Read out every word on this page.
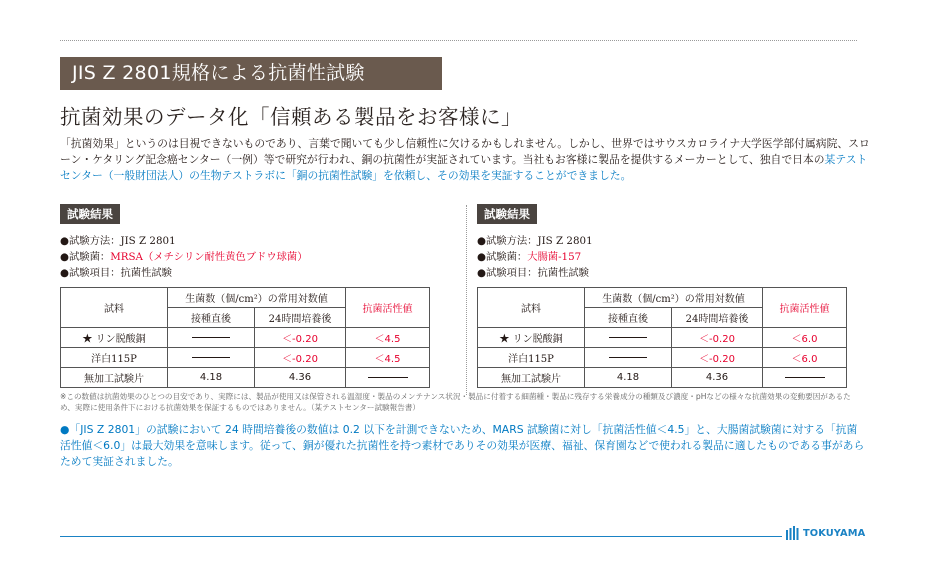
JIS Z 2801規格による抗菌性試験
抗菌効果のデータ化「信頼ある製品をお客様に」
「抗菌効果」というのは目視できないものであり、言葉で聞いても少し信頼性に欠けるかもしれません。しかし、世界ではサウスカロライナ大学医学部付属病院、スローン・ケタリング記念癌センター（一例）等で研究が行われ、銅の抗菌性が実証されています。当社もお客様に製品を提供するメーカーとして、独自で日本の某テストセンター（一般財団法人）の生物テストラボに「銅の抗菌性試験」を依頼し、その効果を実証することができました。
試験結果
●試験方法：JIS Z 2801
●試験菌：MRSA（メチシリン耐性黄色ブドウ球菌）
●試験項目：抗菌性試験
試料	生菌数（個/cm²）の常用対数値		抗菌活性値
	接種直後	24時間培養後	
★ リン脱酸銅		＜-0.20	＜4.5
洋白115P		＜-0.20	＜4.5
無加工試験片	4.18	4.36	
試験結果
●試験方法：JIS Z 2801
●試験菌：大腸菌-157
●試験項目：抗菌性試験
試料	生菌数（個/cm²）の常用対数値		抗菌活性値
	接種直後	24時間培養後	
★ リン脱酸銅		＜-0.20	＜6.0
洋白115P		＜-0.20	＜6.0
無加工試験片	4.18	4.36	
※この数値は抗菌効果のひとつの目安であり、実際には、製品が使用又は保管される温湿度・製品のメンテナンス状況・製品に付着する細菌種・製品に残存する栄養成分の種類及び濃度・pHなどの様々な抗菌効果の変動要因があるため、実際に使用条件下における抗菌効果を保証するものではありません。（某テストセンター試験報告書）
●「JIS Z 2801」の試験において 24 時間培養後の数値は 0.2 以下を計測できないため、MARS 試験菌に対し「抗菌活性値＜4.5」と、大腸菌試験菌に対する「抗菌活性値＜6.0」は最大効果を意味します。従って、銅が優れた抗菌性を持つ素材でありその効果が医療、福祉、保育園などで使われる製品に適したものである事があらためて実証されました。
TOKUYAMA
